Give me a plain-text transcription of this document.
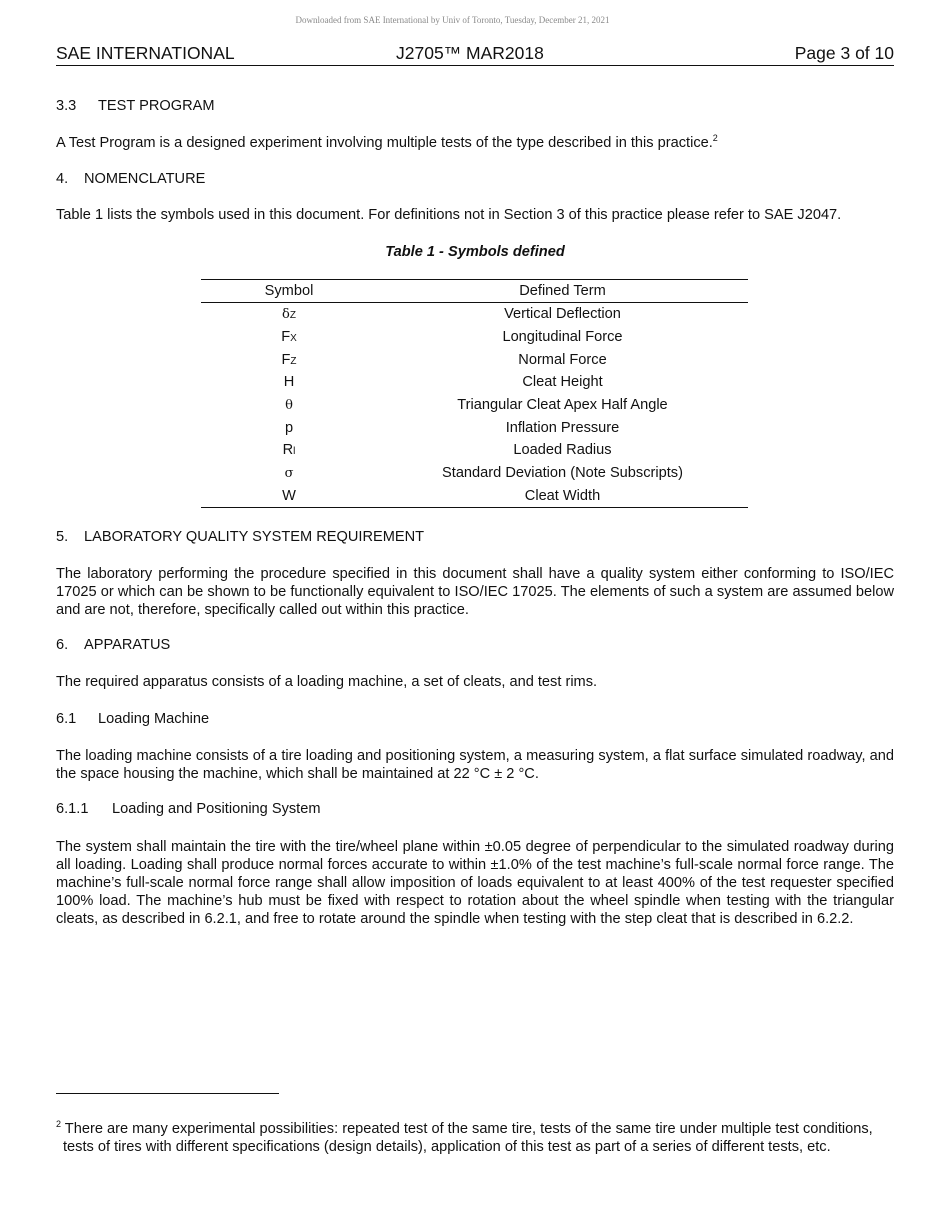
Downloaded from SAE International by Univ of Toronto, Tuesday, December 21, 2021
SAE INTERNATIONAL	J2705™ MAR2018	Page 3 of 10
3.3 TEST PROGRAM
A Test Program is a designed experiment involving multiple tests of the type described in this practice.$^2$
4. NOMENCLATURE
Table 1 lists the symbols used in this document. For definitions not in Section 3 of this practice please refer to SAE J2047.
Table 1 - Symbols defined
Symbol	Defined Term
δZ	Vertical Deflection
FX	Longitudinal Force
FZ	Normal Force
H	Cleat Height
θ	Triangular Cleat Apex Half Angle
p	Inflation Pressure
Rl	Loaded Radius
σ	Standard Deviation (Note Subscripts)
W	Cleat Width
5. LABORATORY QUALITY SYSTEM REQUIREMENT
The laboratory performing the procedure specified in this document shall have a quality system either conforming to ISO/IEC 17025 or which can be shown to be functionally equivalent to ISO/IEC 17025. The elements of such a system are assumed below and are not, therefore, specifically called out within this practice.
6. APPARATUS
The required apparatus consists of a loading machine, a set of cleats, and test rims.
6.1 Loading Machine
The loading machine consists of a tire loading and positioning system, a measuring system, a flat surface simulated roadway, and the space housing the machine, which shall be maintained at 22 °C ± 2 °C.
6.1.1 Loading and Positioning System
The system shall maintain the tire with the tire/wheel plane within ±0.05 degree of perpendicular to the simulated roadway during all loading. Loading shall produce normal forces accurate to within ±1.0% of the test machine’s full-scale normal force range. The machine’s full-scale normal force range shall allow imposition of loads equivalent to at least 400% of the test requester specified 100% load. The machine’s hub must be fixed with respect to rotation about the wheel spindle when testing with the triangular cleats, as described in 6.2.1, and free to rotate around the spindle when testing with the step cleat that is described in 6.2.2.
$^2$ There are many experimental possibilities: repeated test of the same tire, tests of the same tire under multiple test conditions, tests of tires with different specifications (design details), application of this test as part of a series of different tests, etc.
